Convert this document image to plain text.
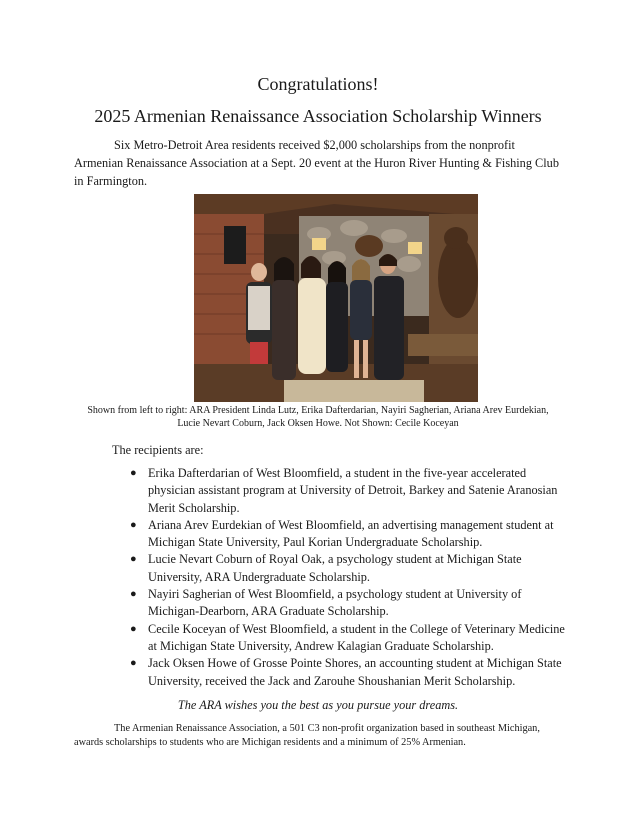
Congratulations!
2025 Armenian Renaissance Association Scholarship Winners

Six Metro-Detroit Area residents received $2,000 scholarships from the nonprofit Armenian Renaissance Association at a Sept. 20 event at the Huron River Hunting & Fishing Club in Farmington.

Shown from left to right: ARA President Linda Lutz, Erika Dafterdarian, Nayiri Sagherian, Ariana Arev Eurdekian,
Lucie Nevart Coburn, Jack Oksen Howe. Not Shown: Cecile Koceyan

The recipients are:

● Erika Dafterdarian of West Bloomfield, a student in the five-year accelerated physician assistant program at University of Detroit, Barkey and Satenie Aranosian Merit Scholarship.
● Ariana Arev Eurdekian of West Bloomfield, an advertising management student at Michigan State University, Paul Korian Undergraduate Scholarship.
● Lucie Nevart Coburn of Royal Oak, a psychology student at Michigan State University, ARA Undergraduate Scholarship.
● Nayiri Sagherian of West Bloomfield, a psychology student at University of Michigan-Dearborn, ARA Graduate Scholarship.
● Cecile Koceyan of West Bloomfield, a student in the College of Veterinary Medicine at Michigan State University, Andrew Kalagian Graduate Scholarship.
● Jack Oksen Howe of Grosse Pointe Shores, an accounting student at Michigan State University, received the Jack and Zarouhe Shoushanian Merit Scholarship.

The ARA wishes you the best as you pursue your dreams.

The Armenian Renaissance Association, a 501 C3 non-profit organization based in southeast Michigan, awards scholarships to students who are Michigan residents and a minimum of 25% Armenian.
